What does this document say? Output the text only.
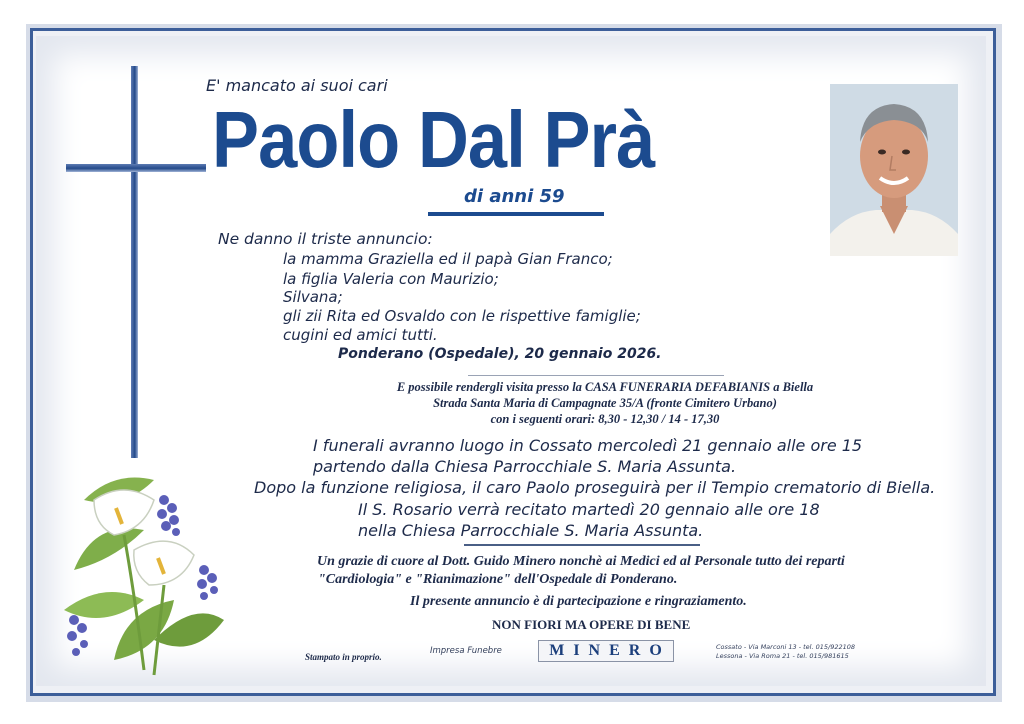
E' mancato ai suoi cari
Paolo Dal Prà
di anni 59
Ne danno il triste annuncio:
la mamma Graziella ed il papà Gian Franco;
la figlia Valeria con Maurizio;
Silvana;
gli zii Rita ed Osvaldo con le rispettive famiglie;
cugini ed amici tutti.
Ponderano (Ospedale), 20 gennaio 2026.
E possibile rendergli visita presso la CASA FUNERARIA DEFABIANIS a Biella
Strada Santa Maria di Campagnate 35/A (fronte Cimitero Urbano)
con i seguenti orari: 8,30 - 12,30 / 14 - 17,30
I funerali avranno luogo in Cossato mercoledì 21 gennaio alle ore 15
partendo dalla Chiesa Parrocchiale S. Maria Assunta.
Dopo la funzione religiosa, il caro Paolo proseguirà per il Tempio crematorio di Biella.
Il S. Rosario verrà recitato martedì 20 gennaio alle ore 18
nella Chiesa Parrocchiale S. Maria Assunta.
Un grazie di cuore al Dott. Guido Minero nonchè ai Medici ed al Personale tutto dei reparti
"Cardiologia" e "Rianimazione" dell'Ospedale di Ponderano.
Il presente annuncio è di partecipazione e ringraziamento.
NON FIORI MA OPERE DI BENE
Stampato in proprio.
Impresa Funebre	MINERO	Cossato - Via Marconi 13 - tel. 015/922108
Lessona - Via Roma 21 - tel. 015/981615
